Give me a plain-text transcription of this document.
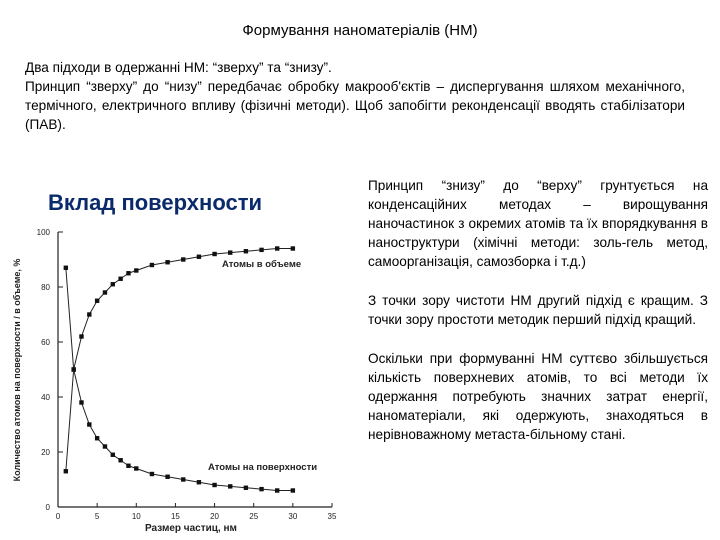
Формування наноматеріалів (НМ)
Два підходи в одержанні НМ: “зверху” та “знизу”.
Принцип “зверху” до “низу” передбачає обробку макрооб'єктів – диспергування шляхом механічного, термічного, електричного впливу (фізичні методи). Щоб запобігти реконденсації вводять стабілізатори (ПАВ).
Вклад поверхности
0
20
40
60
80
100
0	5	10	15	20	25	30	35
Размер частиц, нм
Количество атомов на поверхности / в объеме, %	Атомы в объеме
Атомы на поверхности

Принцип “знизу” до “верху” грунтується на конденсаційних методах – вирощування наночастинок з окремих атомів та їх впорядкування в наноструктури (хімічні методи: золь-гель метод, самоорганізація, самозборка і т.д.)

З точки зору чистоти НМ другий підхід є кращим. З точки зору простоти методик перший підхід кращий.

Оскільки при формуванні НМ суттєво збільшується кількість поверхневих атомів, то всі методи їх одержання потребують значних затрат енергії, наноматеріали, які одержують, знаходяться в нерівноважному метаста-більному стані.
